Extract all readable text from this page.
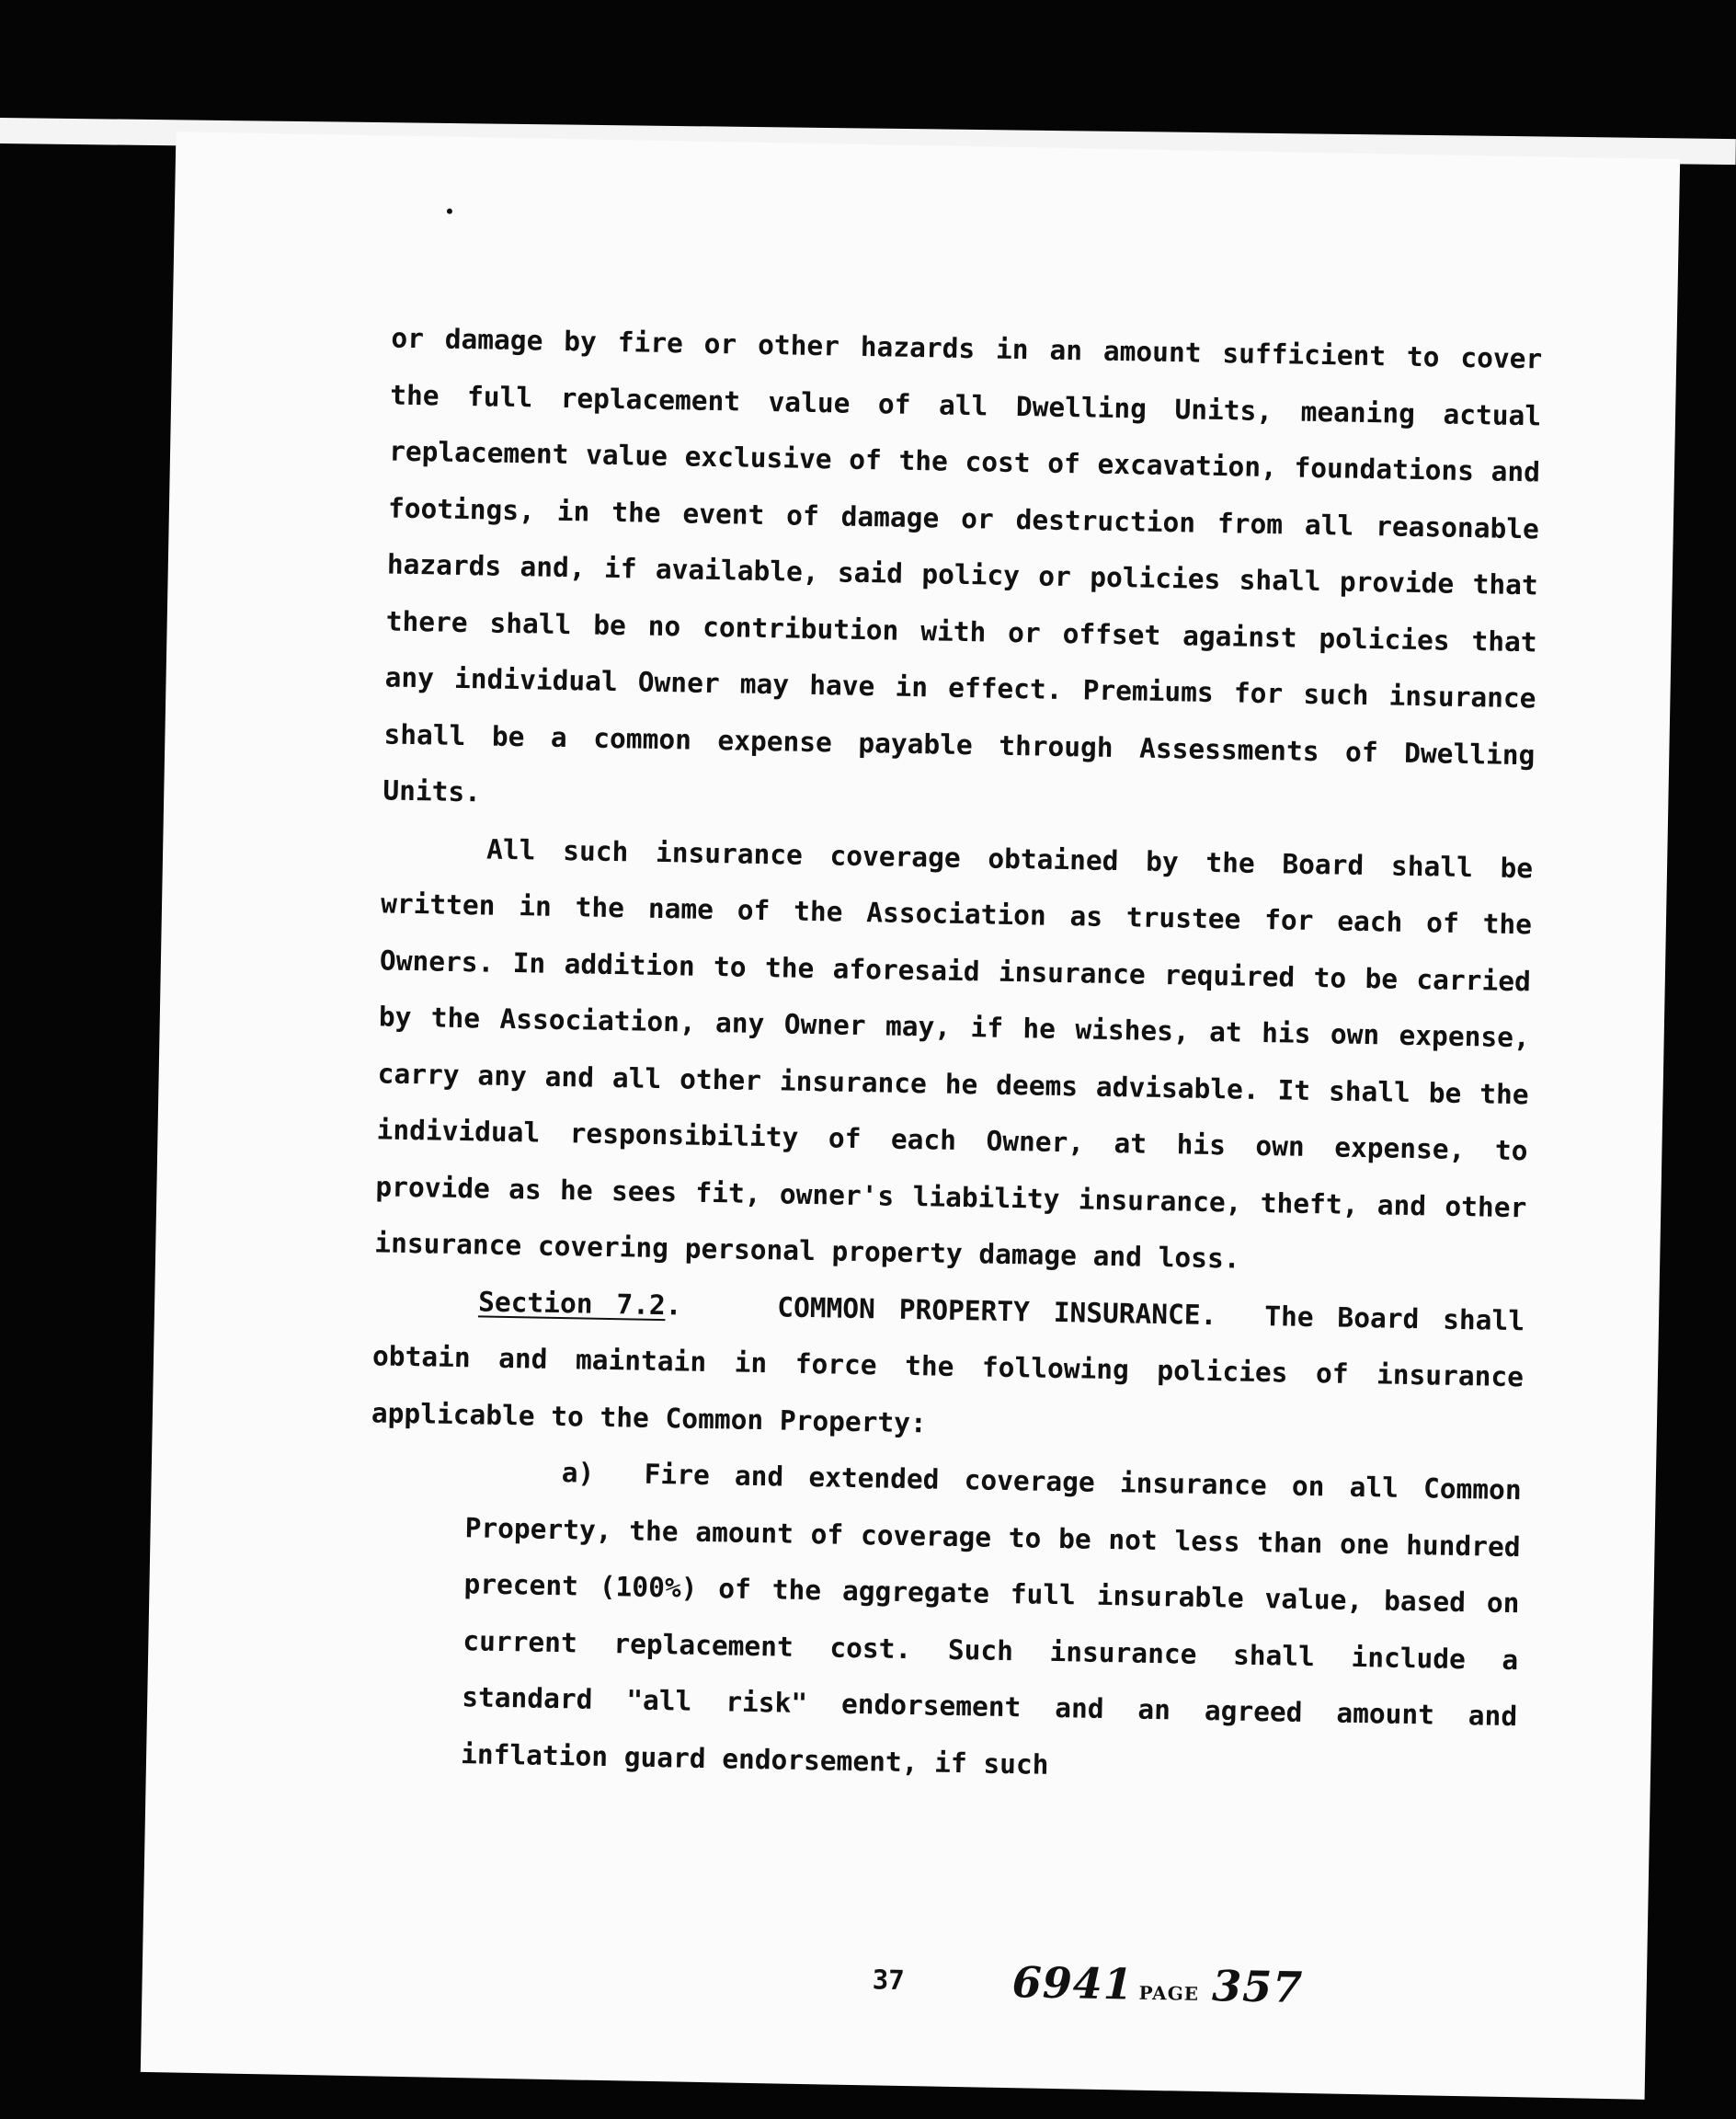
or damage by fire or other hazards in an amount sufficient to cover the full replacement value of all Dwelling Units, meaning actual replacement value exclusive of the cost of excavation, foundations and footings, in the event of damage or destruction from all reasonable hazards and, if available, said policy or policies shall provide that there shall be no contribution with or offset against policies that any individual Owner may have in effect. Premiums for such insurance shall be a common expense payable through Assessments of Dwelling Units.

All such insurance coverage obtained by the Board shall be written in the name of the Association as trustee for each of the Owners. In addition to the aforesaid insurance required to be carried by the Association, any Owner may, if he wishes, at his own expense, carry any and all other insurance he deems advisable. It shall be the individual responsibility of each Owner, at his own expense, to provide as he sees fit, owner's liability insurance, theft, and other insurance covering personal property damage and loss.

Section 7.2.	COMMON PROPERTY INSURANCE. The Board shall obtain and maintain in force the following policies of insurance applicable to the Common Property:

a) Fire and extended coverage insurance on all Common Property, the amount of coverage to be not less than one hundred precent (100%) of the aggregate full insurable value, based on current replacement cost. Such insurance shall include a standard "all risk" endorsement and an agreed amount and inflation guard endorsement, if such

37	6941 PAGE 357
